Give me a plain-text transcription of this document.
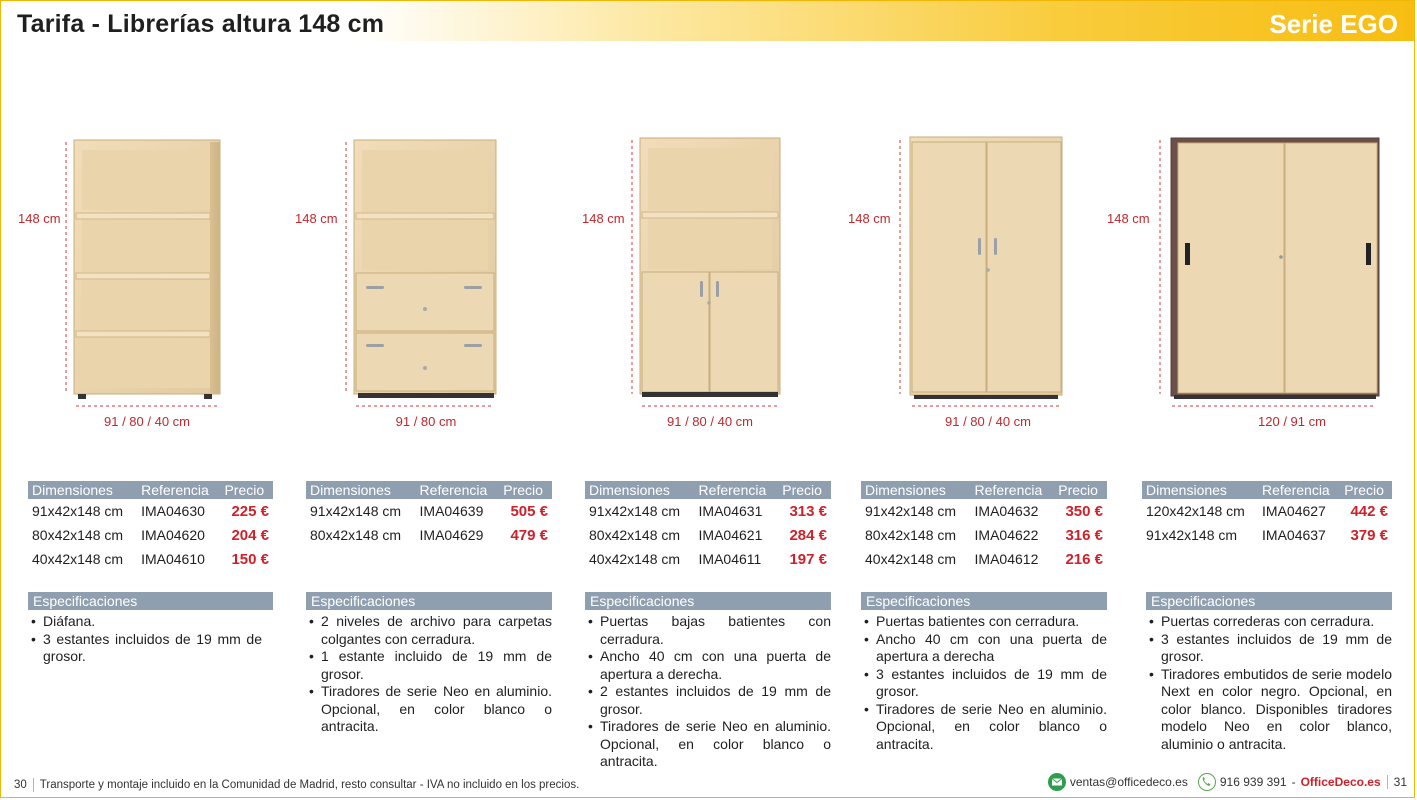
Tarifa - Librerías altura 148 cm	Serie EGO
148 cm
91 / 80 / 40 cm
148 cm
91 / 80 cm
148 cm
91 / 80 / 40 cm
148 cm
91 / 80 / 40 cm
148 cm
120 / 91 cm
Dimensiones	Referencia	Precio
91x42x148 cm	IMA04630	225 €
80x42x148 cm	IMA04620	204 €
40x42x148 cm	IMA04610	150 €
Dimensiones	Referencia	Precio
91x42x148 cm	IMA04639	505 €
80x42x148 cm	IMA04629	479 €
Dimensiones	Referencia	Precio
91x42x148 cm	IMA04631	313 €
80x42x148 cm	IMA04621	284 €
40x42x148 cm	IMA04611	197 €
Dimensiones	Referencia	Precio
91x42x148 cm	IMA04632	350 €
80x42x148 cm	IMA04622	316 €
40x42x148 cm	IMA04612	216 €
Dimensiones	Referencia	Precio
120x42x148 cm	IMA04627	442 €
91x42x148 cm	IMA04637	379 €
Especificaciones
• Diáfana.
• 3 estantes incluidos de 19 mm de grosor.
Especificaciones
• 2 niveles de archivo para carpetas colgantes con cerradura.
• 1 estante incluido de 19 mm de grosor.
• Tiradores de serie Neo en aluminio. Opcional, en color blanco o antracita.
Especificaciones
• Puertas bajas batientes con cerradura.
• Ancho 40 cm con una puerta de apertura a derecha.
• 2 estantes incluidos de 19 mm de grosor.
• Tiradores de serie Neo en aluminio. Opcional, en color blanco o antracita.
Especificaciones
• Puertas batientes con cerradura.
• Ancho 40 cm con una puerta de apertura a derecha
• 3 estantes incluidos de 19 mm de grosor.
• Tiradores de serie Neo en aluminio. Opcional, en color blanco o antracita.
Especificaciones
• Puertas correderas con cerradura.
• 3 estantes incluidos de 19 mm de grosor.
• Tiradores embutidos de serie modelo Next en color negro. Opcional, en color blanco. Disponibles tiradores modelo Neo en color blanco, aluminio o antracita.
30 Transporte y montaje incluido en la Comunidad de Madrid, resto consultar - IVA no incluido en los precios.	ventas@officedeco.es	916 939 391 - OfficeDeco.es 31
